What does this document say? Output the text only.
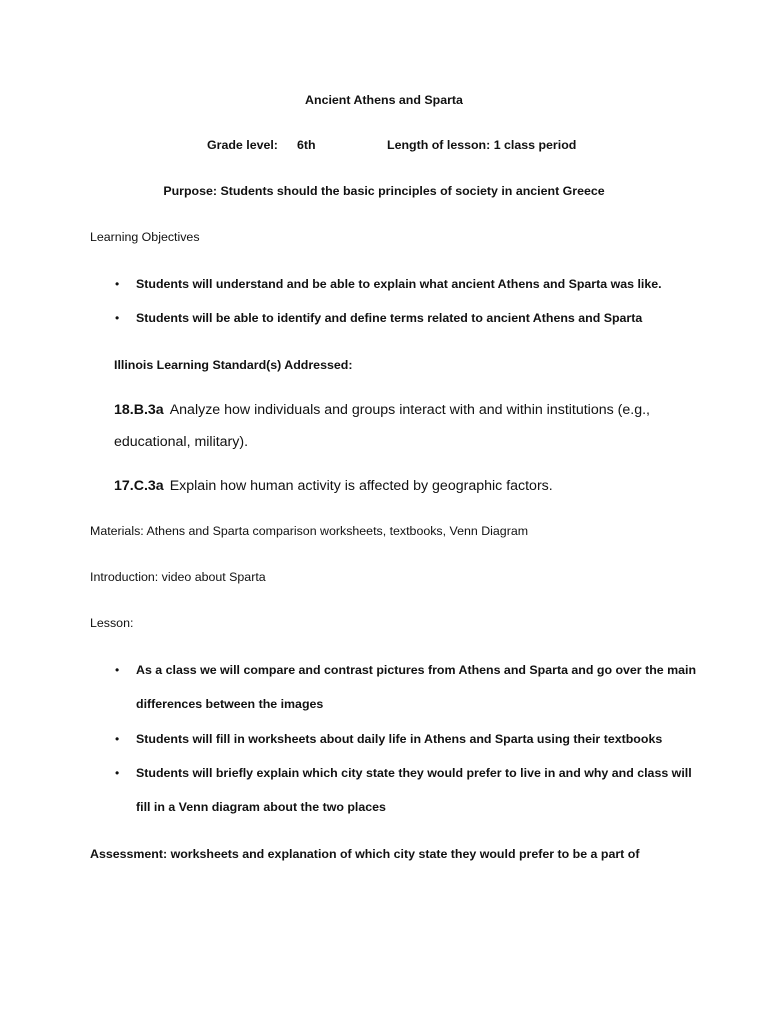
Ancient Athens and Sparta
Grade level: 6th	Length of lesson: 1 class period
Purpose: Students should the basic principles of society in ancient Greece
Learning Objectives
• Students will understand and be able to explain what ancient Athens and Sparta was like.
• Students will be able to identify and define terms related to ancient Athens and Sparta
Illinois Learning Standard(s) Addressed:
18.B.3a Analyze how individuals and groups interact with and within institutions (e.g.,
educational, military).
17.C.3a Explain how human activity is affected by geographic factors.
Materials: Athens and Sparta comparison worksheets, textbooks, Venn Diagram
Introduction: video about Sparta
Lesson:
• As a class we will compare and contrast pictures from Athens and Sparta and go over the main
differences between the images
• Students will fill in worksheets about daily life in Athens and Sparta using their textbooks
• Students will briefly explain which city state they would prefer to live in and why and class will
fill in a Venn diagram about the two places
Assessment: worksheets and explanation of which city state they would prefer to be a part of
